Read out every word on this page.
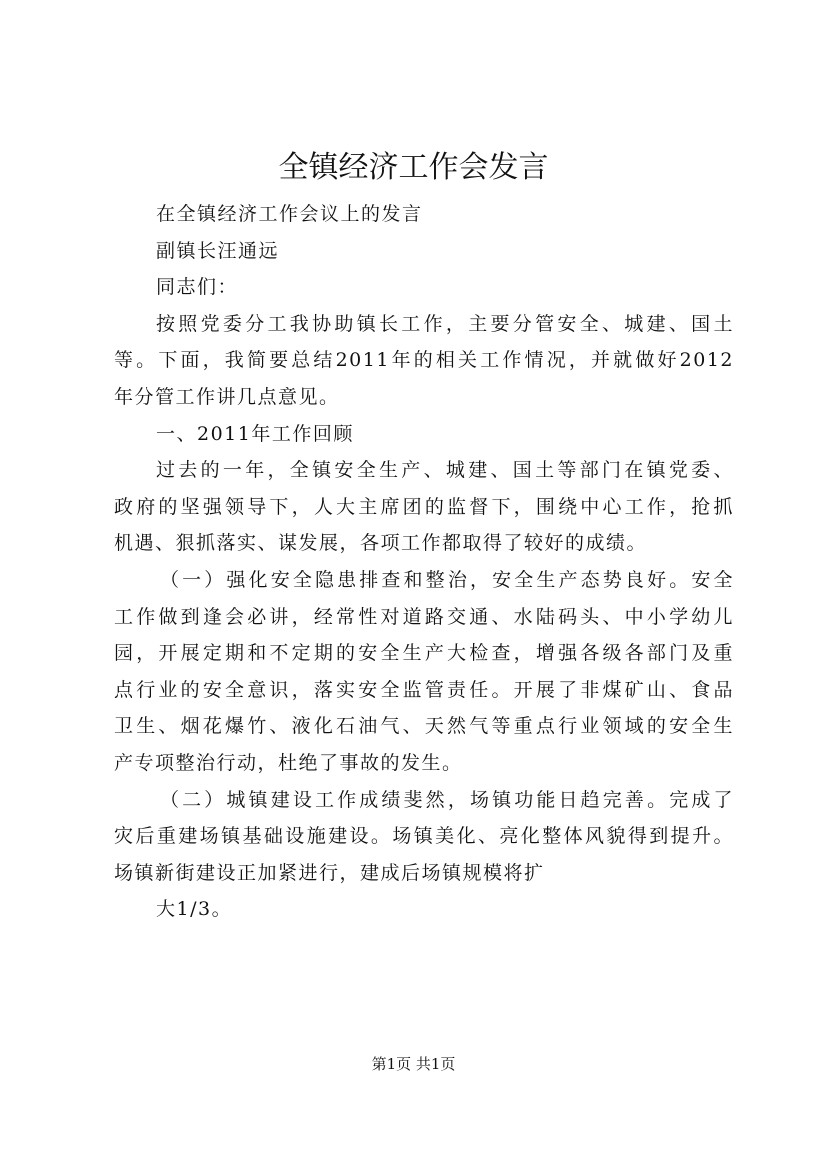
全镇经济工作会发言
在全镇经济工作会议上的发言
副镇长汪通远
同志们：
按照党委分工我协助镇长工作，主要分管安全、城建、国土
等。下面，我简要总结2011年的相关工作情况，并就做好2012
年分管工作讲几点意见。
一、2011年工作回顾
过去的一年，全镇安全生产、城建、国土等部门在镇党委、
政府的坚强领导下，人大主席团的监督下，围绕中心工作，抢抓
机遇、狠抓落实、谋发展，各项工作都取得了较好的成绩。
（一）强化安全隐患排查和整治，安全生产态势良好。安全
工作做到逢会必讲，经常性对道路交通、水陆码头、中小学幼儿
园，开展定期和不定期的安全生产大检查，增强各级各部门及重
点行业的安全意识，落实安全监管责任。开展了非煤矿山、食品
卫生、烟花爆竹、液化石油气、天然气等重点行业领域的安全生
产专项整治行动，杜绝了事故的发生。
（二）城镇建设工作成绩斐然，场镇功能日趋完善。完成了
灾后重建场镇基础设施建设。场镇美化、亮化整体风貌得到提升。
场镇新街建设正加紧进行，建成后场镇规模将扩
大1/3。
第1页 共1页
